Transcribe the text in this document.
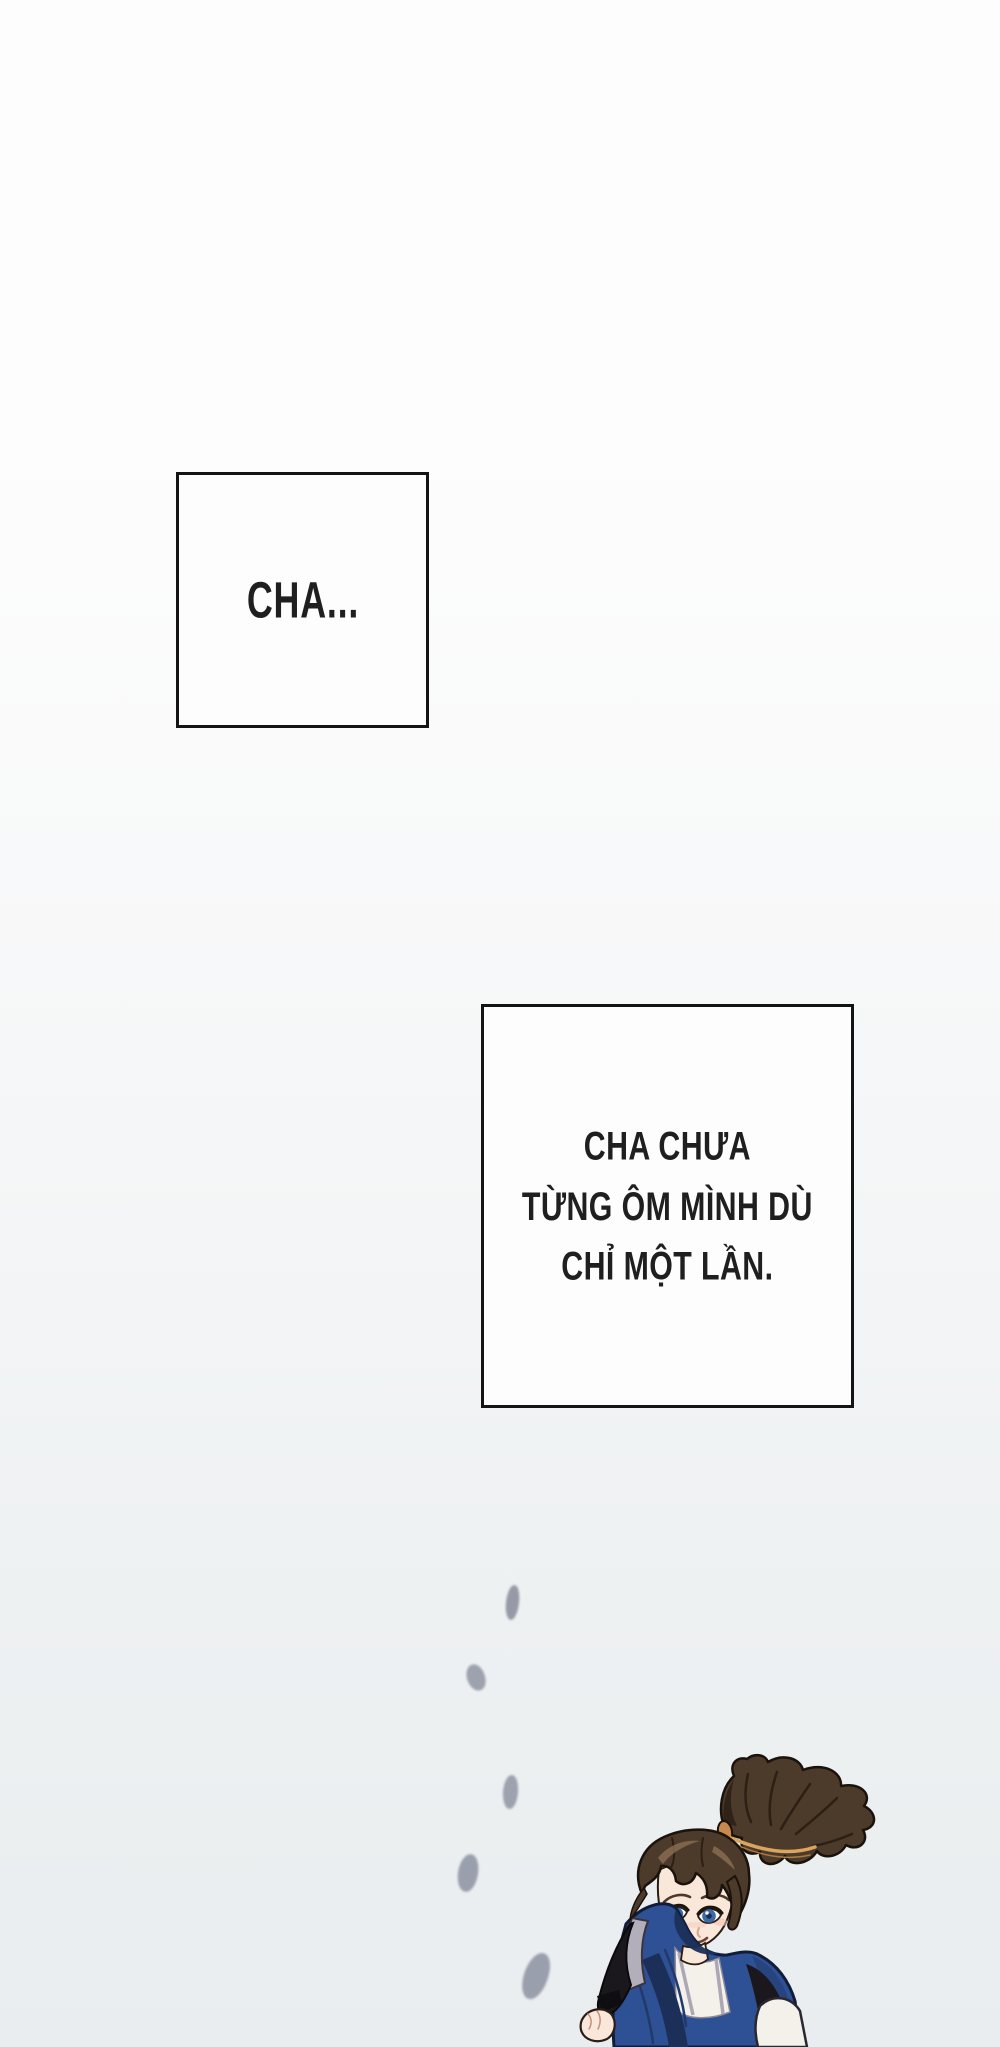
CHA...
CHA CHƯA
TỪNG ÔM MÌNH DÙ
CHỈ MỘT LẦN.
